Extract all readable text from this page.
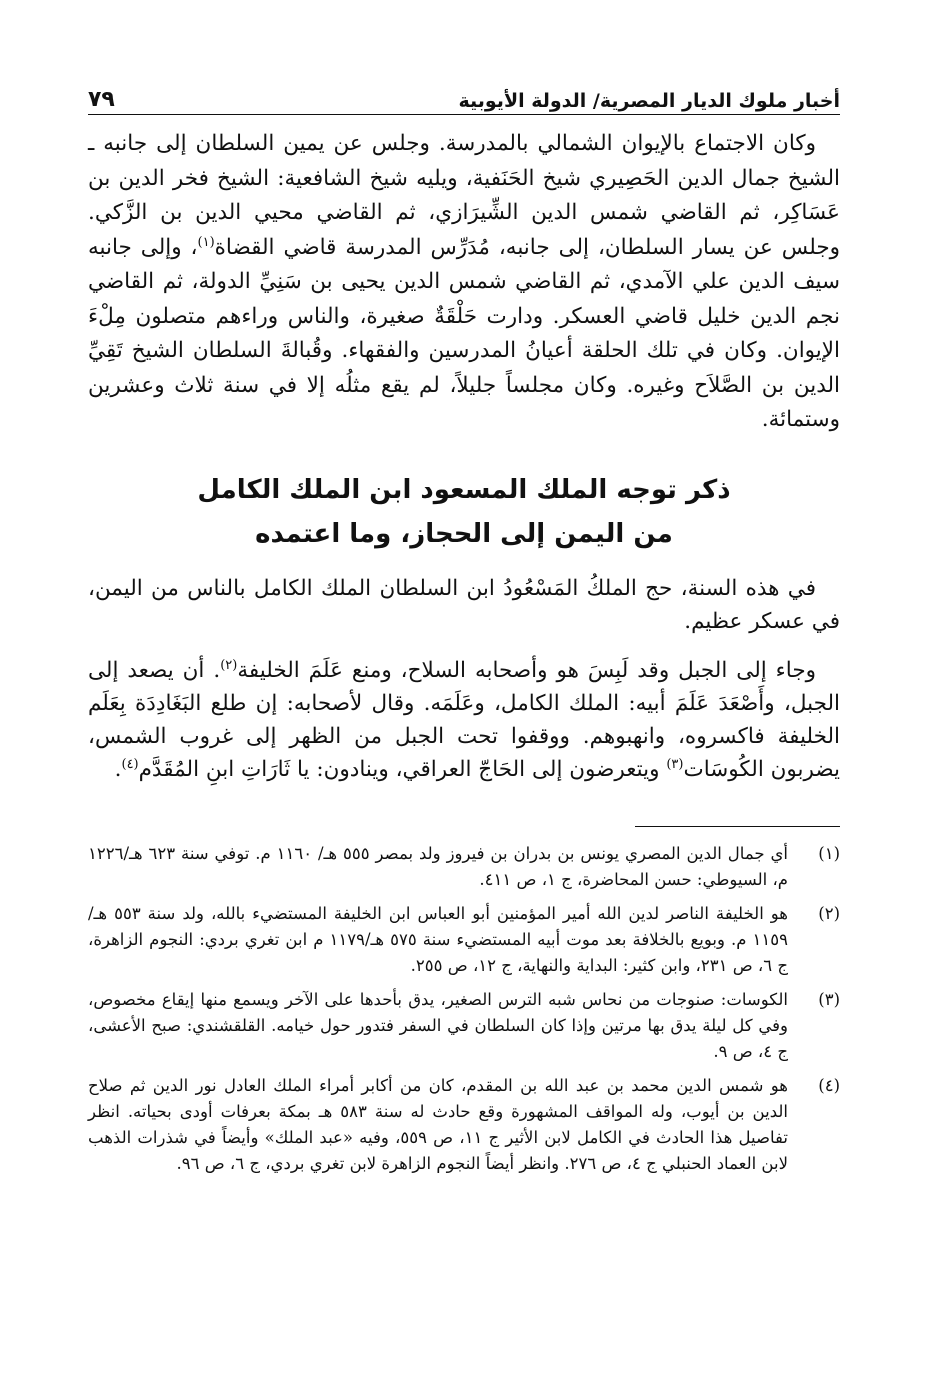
أخبار ملوك الديار المصرية/ الدولة الأيوبية
٧٩

وكان الاجتماع بالإيوان الشمالي بالمدرسة. وجلس عن يمين السلطان إلى جانبه ـ الشيخ جمال الدين الحَصِيري شيخ الحَنَفية، ويليه شيخ الشافعية: الشيخ فخر الدين بن عَسَاكِر، ثم القاضي شمس الدين الشِّيرَازي، ثم القاضي محيي الدين بن الزَّكي. وجلس عن يسار السلطان، إلى جانبه، مُدَرِّس المدرسة قاضي القضاة$^{(١)}$، وإلى جانبه سيف الدين علي الآمدي، ثم القاضي شمس الدين يحيى بن سَنِيِّ الدولة، ثم القاضي نجم الدين خليل قاضي العسكر. ودارت حَلْقَةٌ صغيرة، والناس وراءهم متصلون مِلْءَ الإيوان. وكان في تلك الحلقة أعيانُ المدرسين والفقهاء. وقُبالةَ السلطان الشيخ تَقِيِّ الدين بن الصَّلاَح وغيره. وكان مجلساً جليلاً، لم يقع مثلُه إلا في سنة ثلاث وعشرين وستمائة.

ذكر توجه الملك المسعود ابن الملك الكامل
من اليمن إلى الحجاز، وما اعتمده

في هذه السنة، حج الملكُ المَسْعُودُ ابن السلطان الملك الكامل بالناس من اليمن، في عسكر عظيم.

وجاء إلى الجبل وقد لَبِسَ هو وأصحابه السلاح، ومنع عَلَمَ الخليفة$^{(٢)}$. أن يصعد إلى الجبل، وأَصْعَدَ عَلَمَ أبيه: الملك الكامل، وعَلَمَه. وقال لأصحابه: إن طلع البَغَادِدَة بِعَلَم الخليفة فاكسروه، وانهبوهم. ووقفوا تحت الجبل من الظهر إلى غروب الشمس، يضربون الكُوسَات$^{(٣)}$ ويتعرضون إلى الحَاجّ العراقي، وينادون: يا ثَارَاتِ ابنِ المُقَدَّم$^{(٤)}$.

(١)
أي جمال الدين المصري يونس بن بدران بن فيروز ولد بمصر ٥٥٥ هـ/ ١١٦٠ م. توفي سنة ٦٢٣ هـ/١٢٢٦ م، السيوطي: حسن المحاضرة، ج ١، ص ٤١١.
(٢)
هو الخليفة الناصر لدين الله أمير المؤمنين أبو العباس ابن الخليفة المستضيء بالله، ولد سنة ٥٥٣ هـ/١١٥٩ م. وبويع بالخلافة بعد موت أبيه المستضيء سنة ٥٧٥ هـ/١١٧٩ م ابن تغري بردي: النجوم الزاهرة، ج ٦، ص ٢٣١، وابن كثير: البداية والنهاية، ج ١٢، ص ٢٥٥.
(٣)
الكوسات: صنوجات من نحاس شبه الترس الصغير، يدق بأحدها على الآخر ويسمع منها إيقاع مخصوص، وفي كل ليلة يدق بها مرتين وإذا كان السلطان في السفر فتدور حول خيامه. القلقشندي: صبح الأعشى، ج ٤، ص ٩.
(٤)
هو شمس الدين محمد بن عبد الله بن المقدم، كان من أكابر أمراء الملك العادل نور الدين ثم صلاح الدين بن أيوب، وله المواقف المشهورة وقع حادث له سنة ٥٨٣ هـ بمكة بعرفات أودى بحياته. انظر تفاصيل هذا الحادث في الكامل لابن الأثير ج ١١، ص ٥٥٩، وفيه «عبد الملك» وأيضاً في شذرات الذهب لابن العماد الحنبلي ج ٤، ص ٢٧٦. وانظر أيضاً النجوم الزاهرة لابن تغري بردي، ج ٦، ص ٩٦.
